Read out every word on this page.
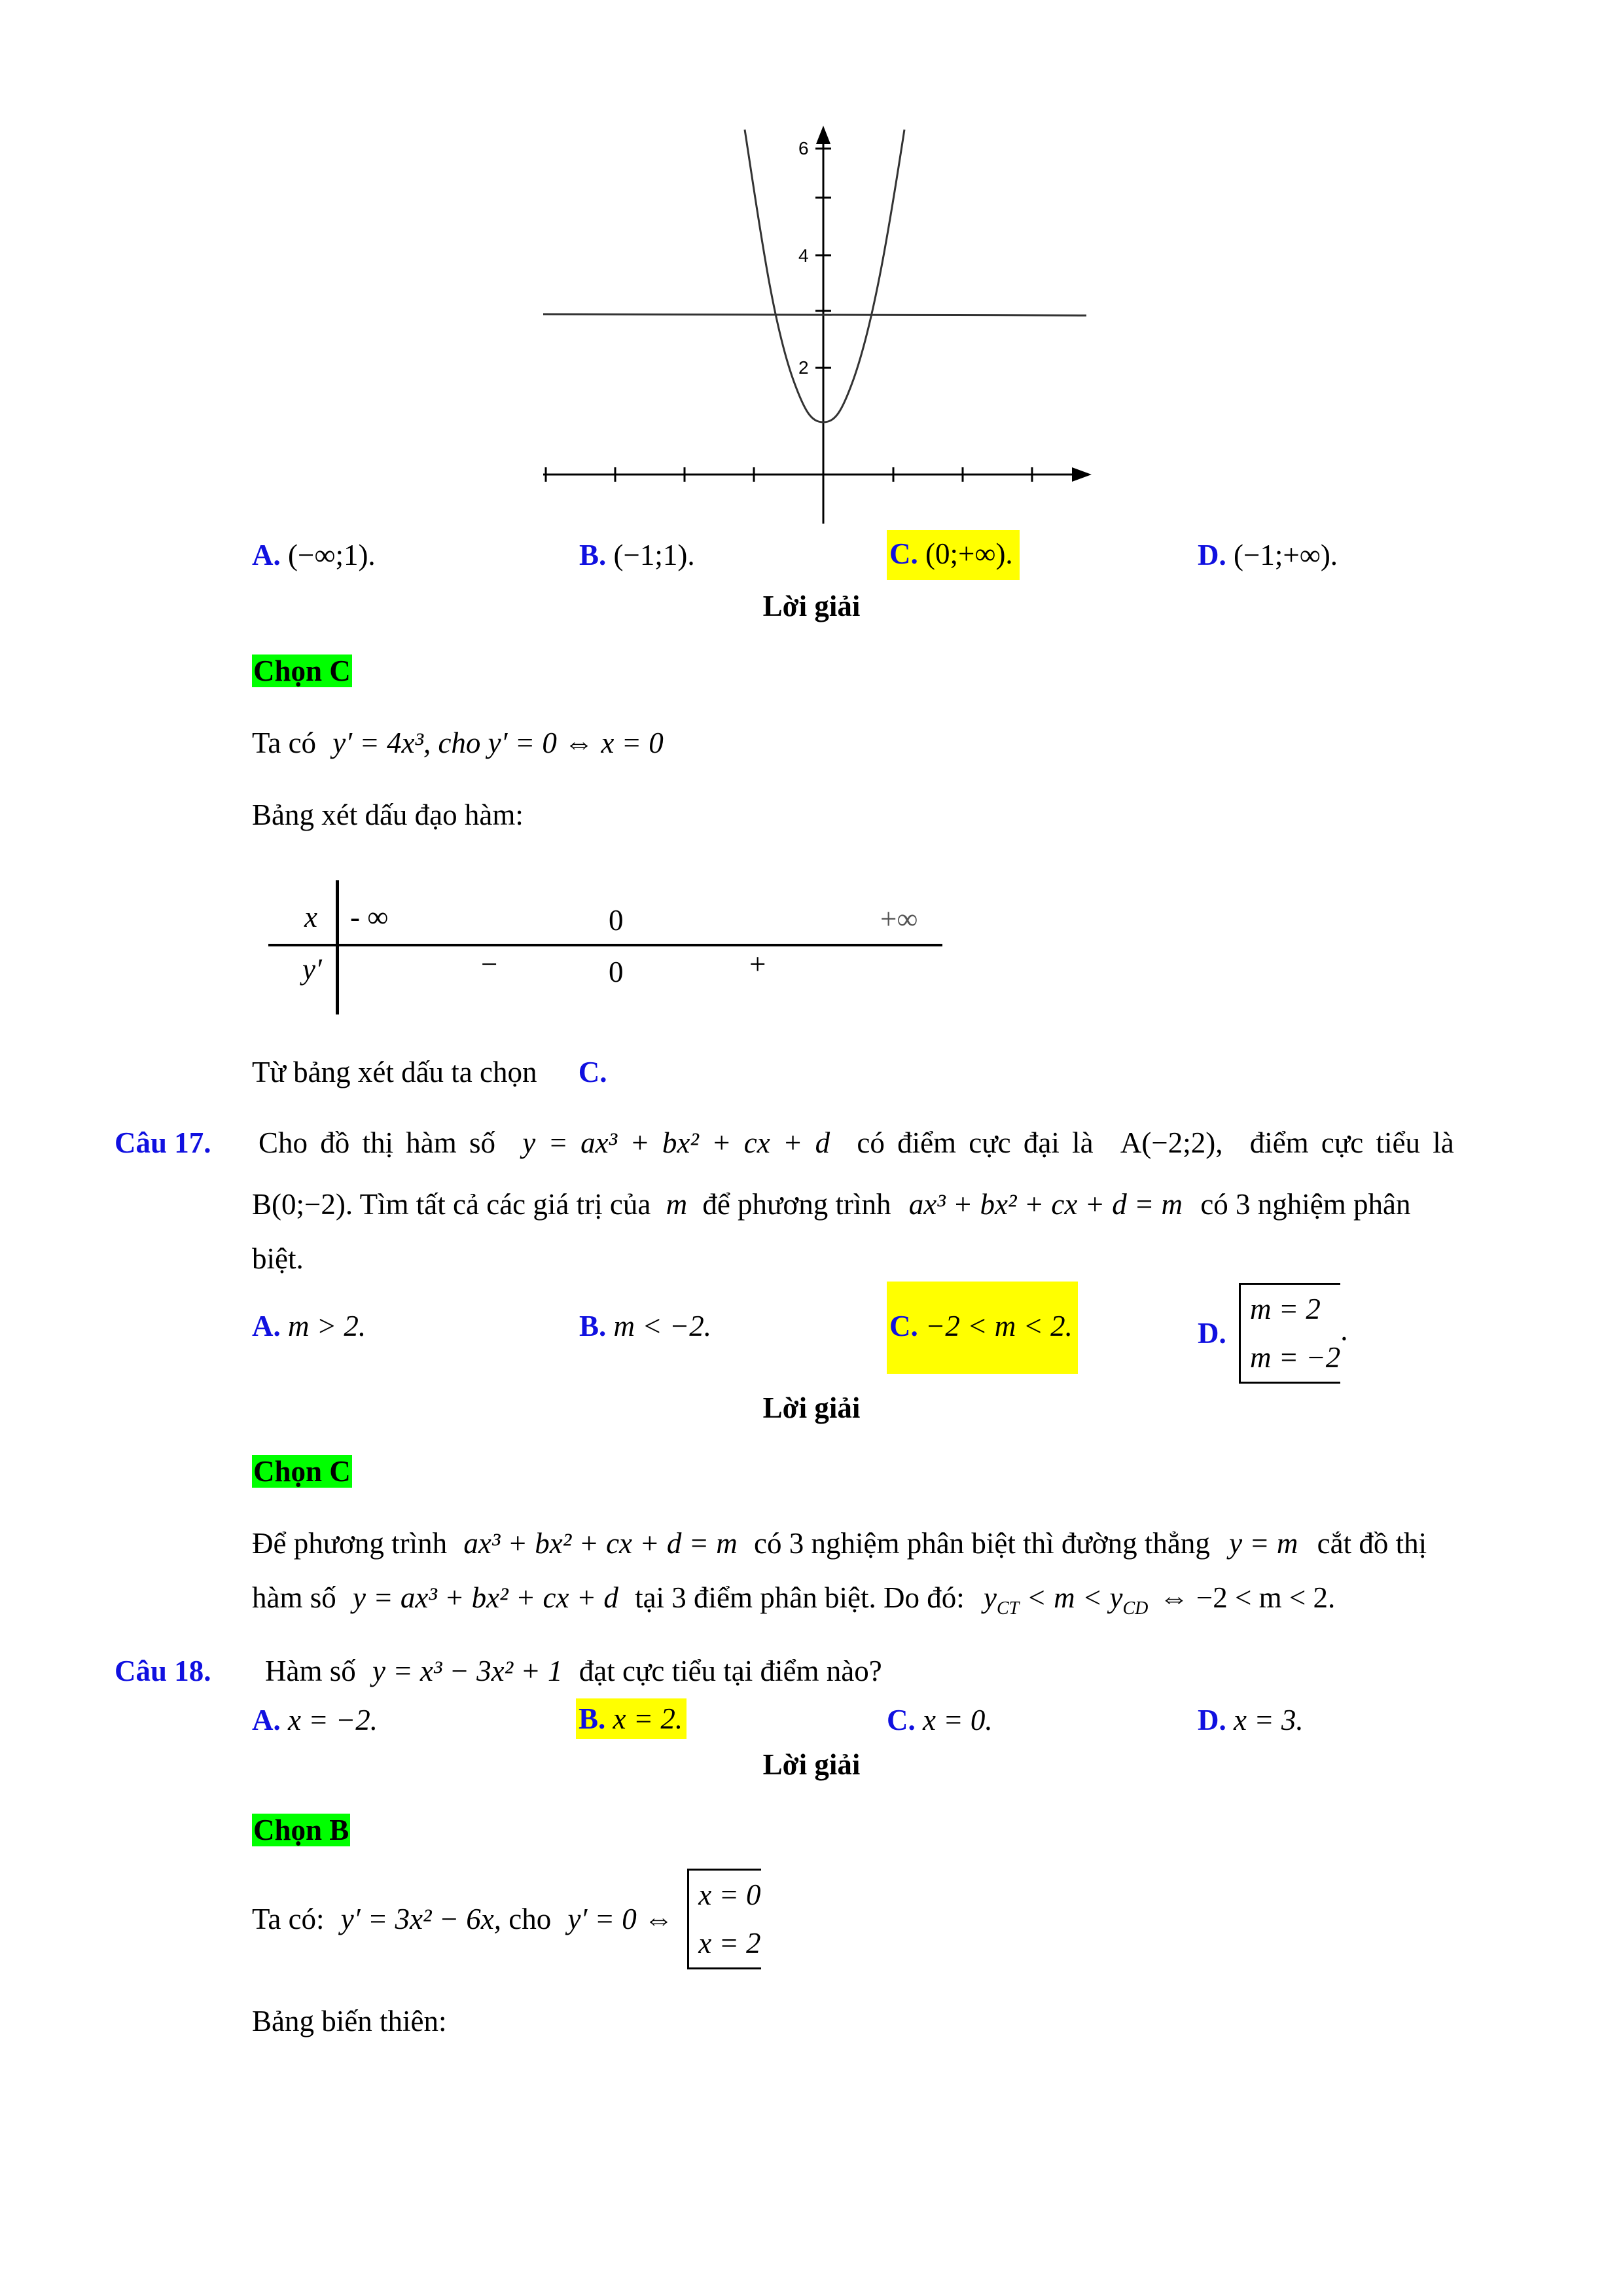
6
4
2
A. (−∞;1).	B. (−1;1).	C. (0;+∞).	D. (−1;+∞).
Lời giải
Chọn C
Ta có y′ = 4x³, cho y′ = 0 ⇔ x = 0
Bảng xét dấu đạo hàm:
x
y′
- ∞	0	+∞
−	0	+
Từ bảng xét dấu ta chọn C.
Câu 17. Cho đồ thị hàm số y = ax³ + bx² + cx + d có điểm cực đại là A(−2;2), điểm cực tiểu là
B(0;−2). Tìm tất cả các giá trị của m để phương trình ax³ + bx² + cx + d = m có 3 nghiệm phân
biệt.
A. m > 2.	B. m < −2.	C. −2 < m < 2.	D. m = 2
m = −2.
Lời giải
Chọn C
Để phương trình ax³ + bx² + cx + d = m có 3 nghiệm phân biệt thì đường thẳng y = m cắt đồ thị
hàm số y = ax³ + bx² + cx + d tại 3 điểm phân biệt. Do đó: $y_{CT} < m < y_{CD}$ ⇔ −2 < m < 2.
Câu 18. Hàm số y = x³ − 3x² + 1 đạt cực tiểu tại điểm nào?
A. x = −2.	B. x = 2.	C. x = 0.	D. x = 3.
Lời giải
Chọn B
Ta có: y′ = 3x² − 6x, cho y′ = 0 ⇔ x = 0
x = 2
Bảng biến thiên:
